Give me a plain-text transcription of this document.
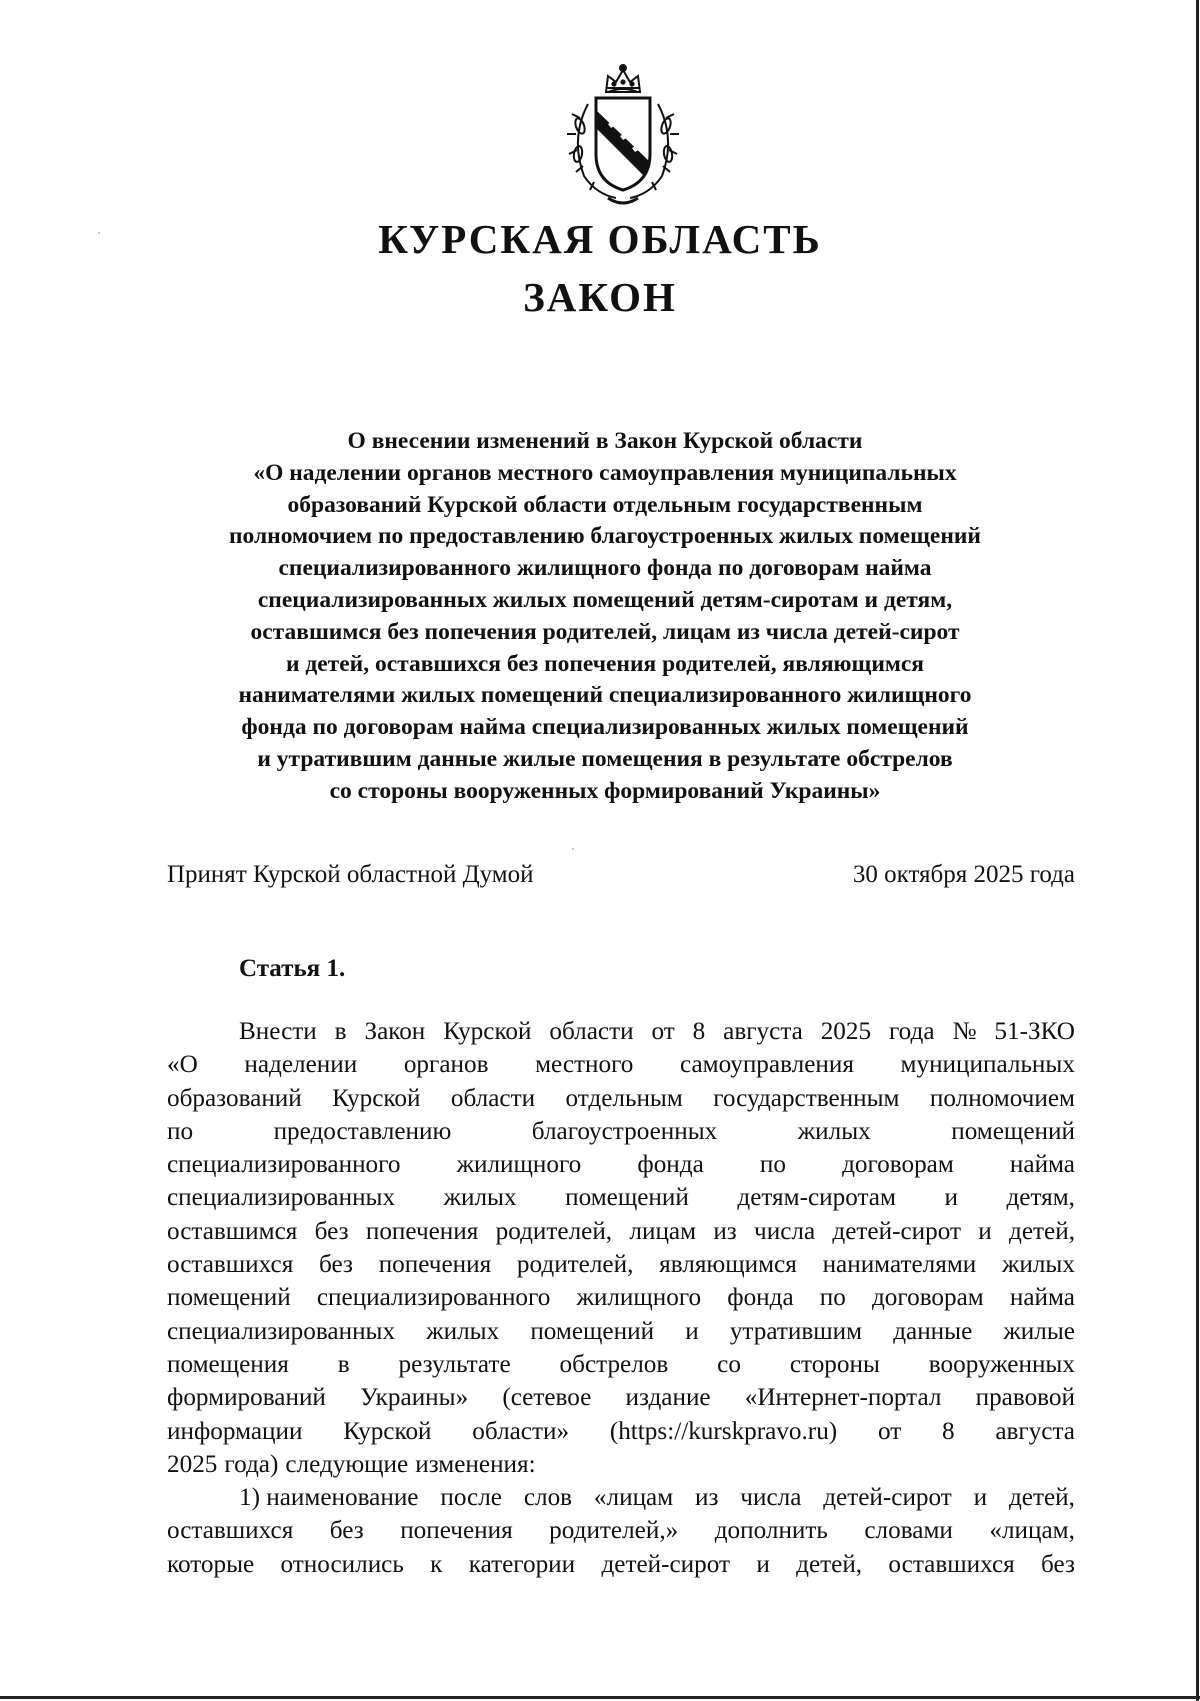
КУРСКАЯ ОБЛАСТЬ
ЗАКОН
О внесении изменений в Закон Курской области
«О наделении органов местного самоуправления муниципальных
образований Курской области отдельным государственным
полномочием по предоставлению благоустроенных жилых помещений
специализированного жилищного фонда по договорам найма
специализированных жилых помещений детям-сиротам и детям,
оставшимся без попечения родителей, лицам из числа детей-сирот
и детей, оставшихся без попечения родителей, являющимся
нанимателями жилых помещений специализированного жилищного
фонда по договорам найма специализированных жилых помещений
и утратившим данные жилые помещения в результате обстрелов
со стороны вооруженных формирований Украины»
Принят Курской областной Думой	30 октября 2025 года
Статья 1.
Внести в Закон Курской области от 8 августа 2025 года № 51-ЗКО
«О наделении органов местного самоуправления муниципальных
образований Курской области отдельным государственным полномочием
по	предоставлению	благоустроенных	жилых	помещений
специализированного жилищного фонда по договорам найма
специализированных жилых помещений детям-сиротам и детям,
оставшимся без попечения родителей, лицам из числа детей-сирот и детей,
оставшихся без попечения родителей, являющимся нанимателями жилых
помещений специализированного жилищного фонда по договорам найма
специализированных жилых помещений и утратившим данные жилые
помещения в результате обстрелов со стороны вооруженных
формирований Украины» (сетевое издание «Интернет-портал правовой
информации Курской области» (https://kurskpravo.ru) от 8 августа
2025 года) следующие изменения:
1) наименование после слов «лицам из числа детей-сирот и детей,
оставшихся без попечения родителей,» дополнить словами «лицам,
которые относились к категории детей-сирот и детей, оставшихся без
